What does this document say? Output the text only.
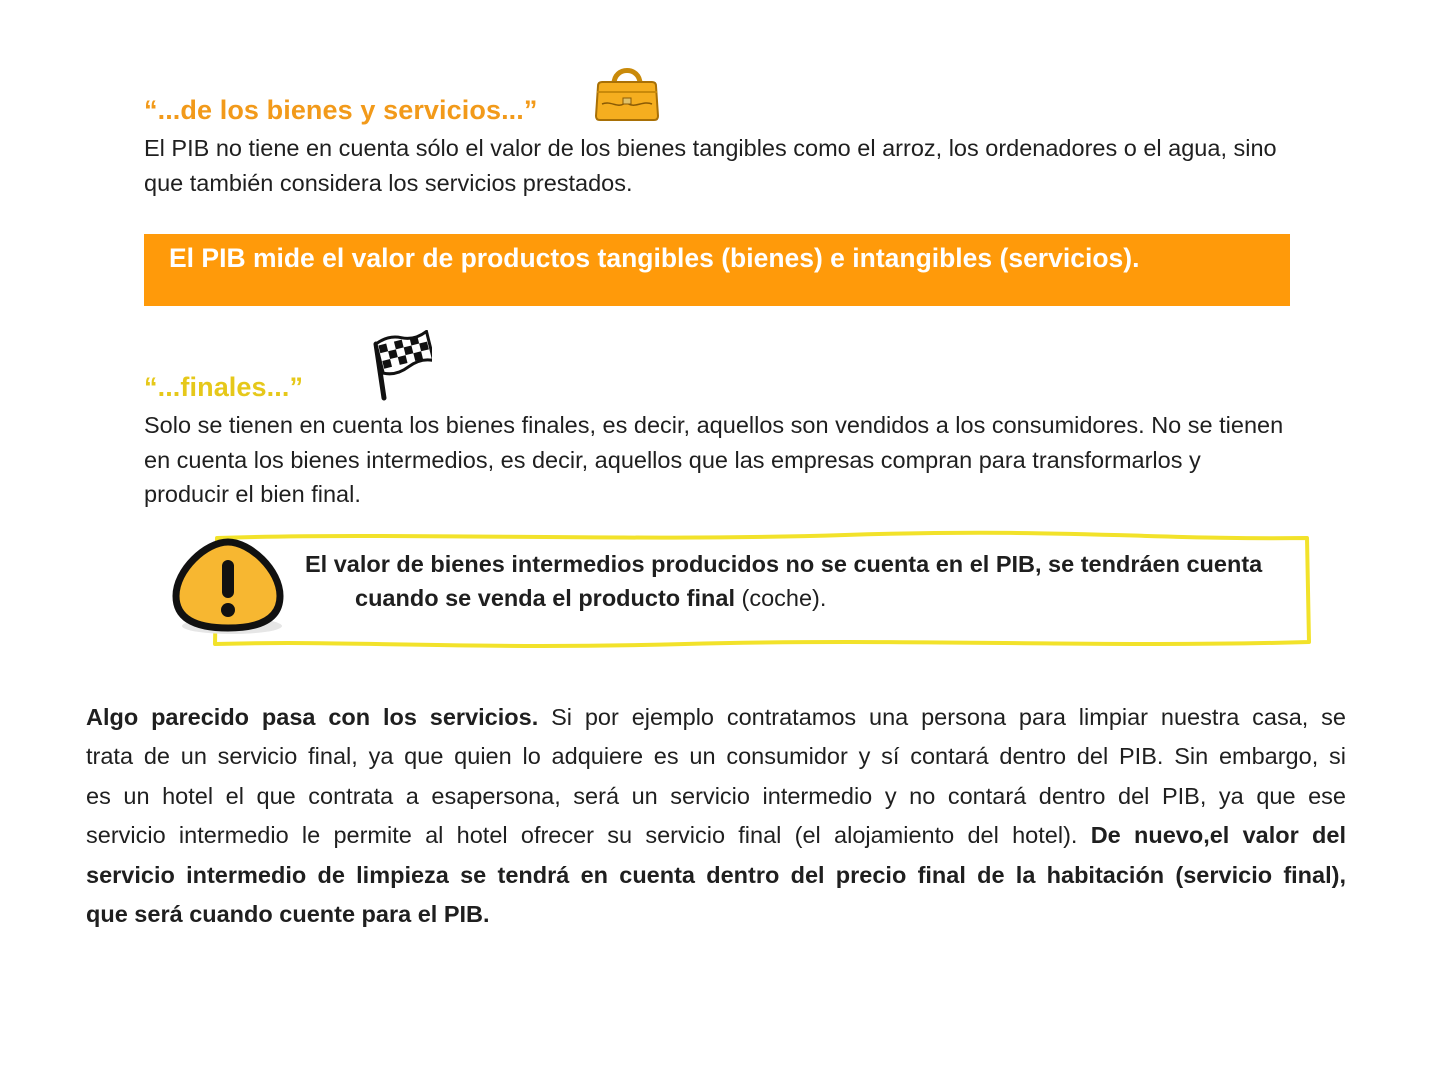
“...de los bienes y servicios...”
El PIB no tiene en cuenta sólo el valor de los bienes tangibles como el arroz, los ordenadores o el agua, sino
que también considera los servicios prestados.
El PIB mide el valor de productos tangibles (bienes) e intangibles (servicios).
“...finales...”
Solo se tienen en cuenta los bienes finales, es decir, aquellos son vendidos a los consumidores. No se tienen
en cuenta los bienes intermedios, es decir, aquellos que las empresas compran para transformarlos y
producir el bien final.
El valor de bienes intermedios producidos no se cuenta en el PIB, se tendráen cuenta
cuando se venda el producto final (coche).
Algo parecido pasa con los servicios. Si por ejemplo contratamos una persona para limpiar nuestra casa, se
trata de un servicio final, ya que quien lo adquiere es un consumidor y sí contará dentro del PIB. Sin embargo, si
es un hotel el que contrata a esapersona, será un servicio intermedio y no contará dentro del PIB, ya que ese
servicio intermedio le permite al hotel ofrecer su servicio final (el alojamiento del hotel). De nuevo,el valor del
servicio intermedio de limpieza se tendrá en cuenta dentro del precio final de la habitación (servicio final),
que será cuando cuente para el PIB.
